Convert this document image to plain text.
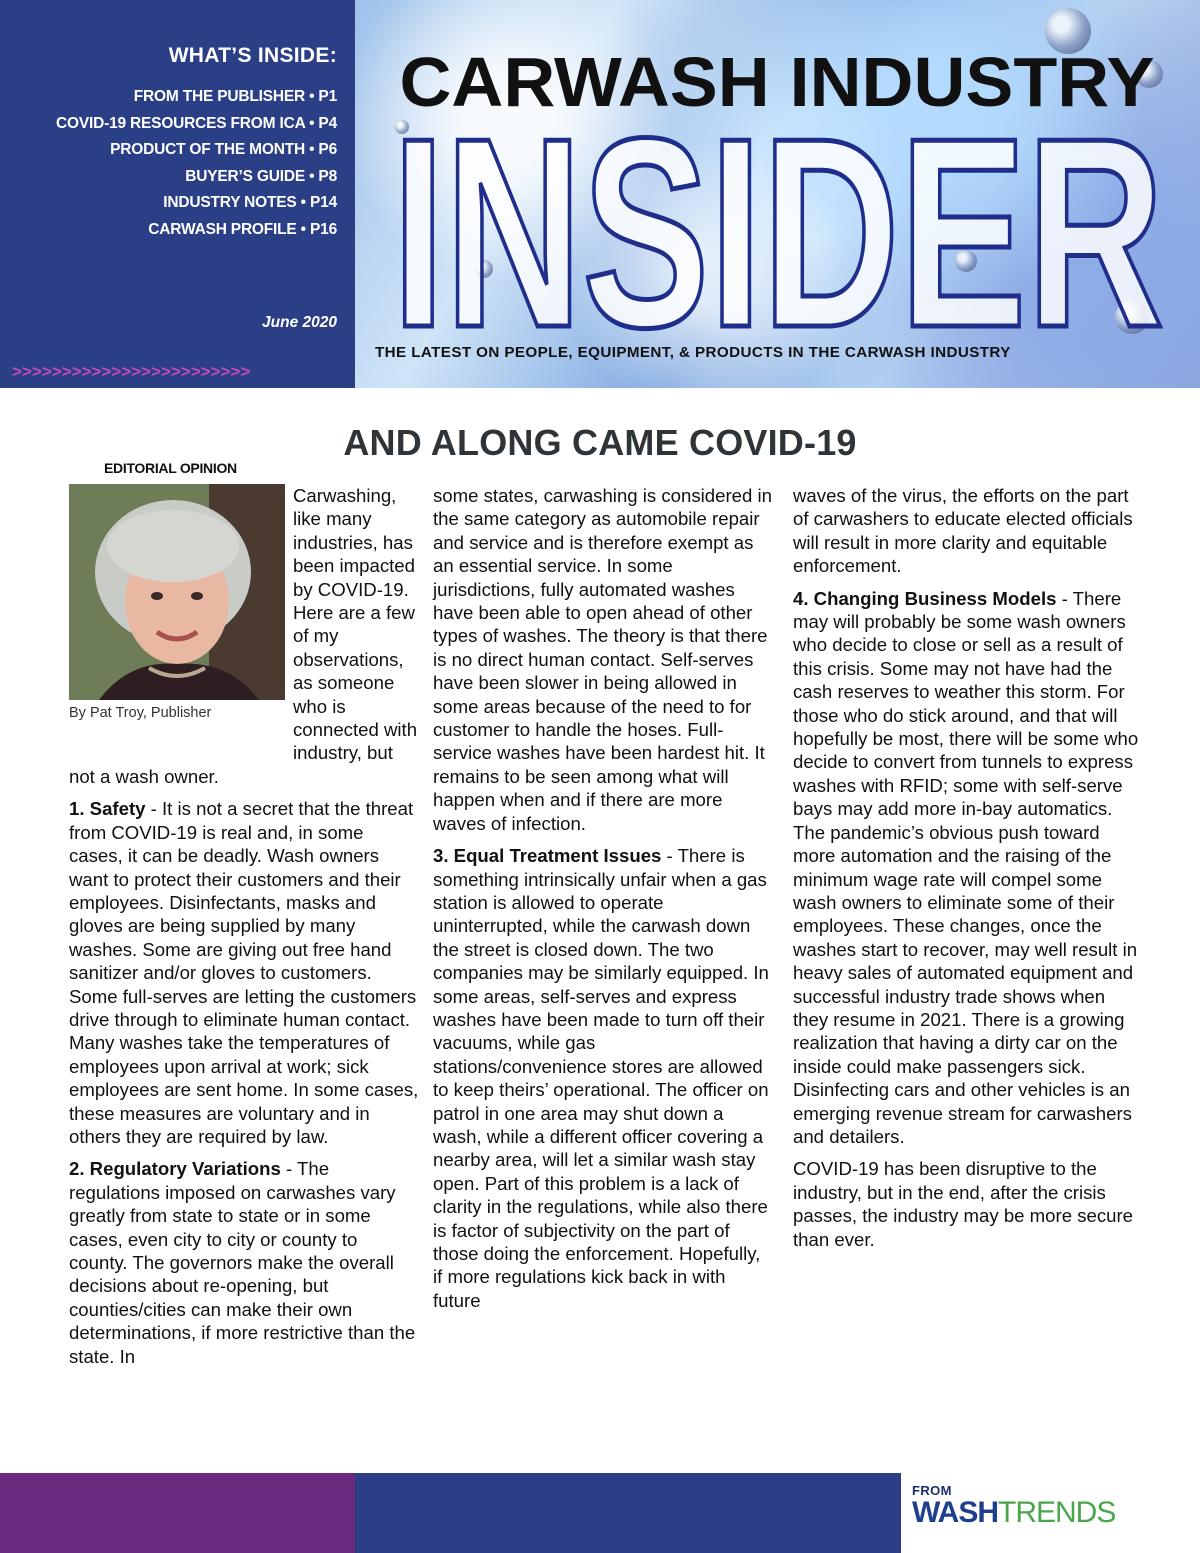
WHAT’S INSIDE:
FROM THE PUBLISHER • P1
COVID-19 RESOURCES FROM ICA • P4
PRODUCT OF THE MONTH • P6
BUYER’S GUIDE • P8
INDUSTRY NOTES • P14
CARWASH PROFILE • P16
June 2020
>>>>>>>>>>>>>>>>>>>>>>>>
CARWASH INDUSTRY
INSIDER
THE LATEST ON PEOPLE, EQUIPMENT, & PRODUCTS IN THE CARWASH INDUSTRY
AND ALONG CAME COVID-19
EDITORIAL OPINION
By Pat Troy, Publisher

Carwashing, like many industries, has been impacted by COVID-19. Here are a few of my observations, as someone who is connected with industry, but not a wash owner.

1. Safety - It is not a secret that the threat from COVID-19 is real and, in some cases, it can be deadly. Wash owners want to protect their customers and their employees. Disinfectants, masks and gloves are being supplied by many washes. Some are giving out free hand sanitizer and/or gloves to customers. Some full-serves are letting the customers drive through to eliminate human contact. Many washes take the temperatures of employees upon arrival at work; sick employees are sent home. In some cases, these measures are voluntary and in others they are required by law.

2. Regulatory Variations - The regulations imposed on carwashes vary greatly from state to state or in some cases, even city to city or county to county. The governors make the overall decisions about re-opening, but counties/cities can make their own determinations, if more restrictive than the state. In

some states, carwashing is considered in the same category as automobile repair and service and is therefore exempt as an essential service. In some jurisdictions, fully automated washes have been able to open ahead of other types of washes. The theory is that there is no direct human contact. Self-serves have been slower in being allowed in some areas because of the need to for customer to handle the hoses. Full-service washes have been hardest hit. It remains to be seen among what will happen when and if there are more waves of infection.

3. Equal Treatment Issues - There is something intrinsically unfair when a gas station is allowed to operate uninterrupted, while the carwash down the street is closed down. The two companies may be similarly equipped. In some areas, self-serves and express washes have been made to turn off their vacuums, while gas stations/convenience stores are allowed to keep theirs’ operational. The officer on patrol in one area may shut down a wash, while a different officer covering a nearby area, will let a similar wash stay open. Part of this problem is a lack of clarity in the regulations, while also there is factor of subjectivity on the part of those doing the enforcement. Hopefully, if more regulations kick back in with future

waves of the virus, the efforts on the part of carwashers to educate elected officials will result in more clarity and equitable enforcement.

4. Changing Business Models - There may will probably be some wash owners who decide to close or sell as a result of this crisis. Some may not have had the cash reserves to weather this storm. For those who do stick around, and that will hopefully be most, there will be some who decide to convert from tunnels to express washes with RFID; some with self-serve bays may add more in-bay automatics. The pandemic’s obvious push toward more automation and the raising of the minimum wage rate will compel some wash owners to eliminate some of their employees. These changes, once the washes start to recover, may well result in heavy sales of automated equipment and successful industry trade shows when they resume in 2021. There is a growing realization that having a dirty car on the inside could make passengers sick. Disinfecting cars and other vehicles is an emerging revenue stream for carwashers and detailers.

COVID-19 has been disruptive to the industry, but in the end, after the crisis passes, the industry may be more secure than ever.

FROM
WASHTRENDS
